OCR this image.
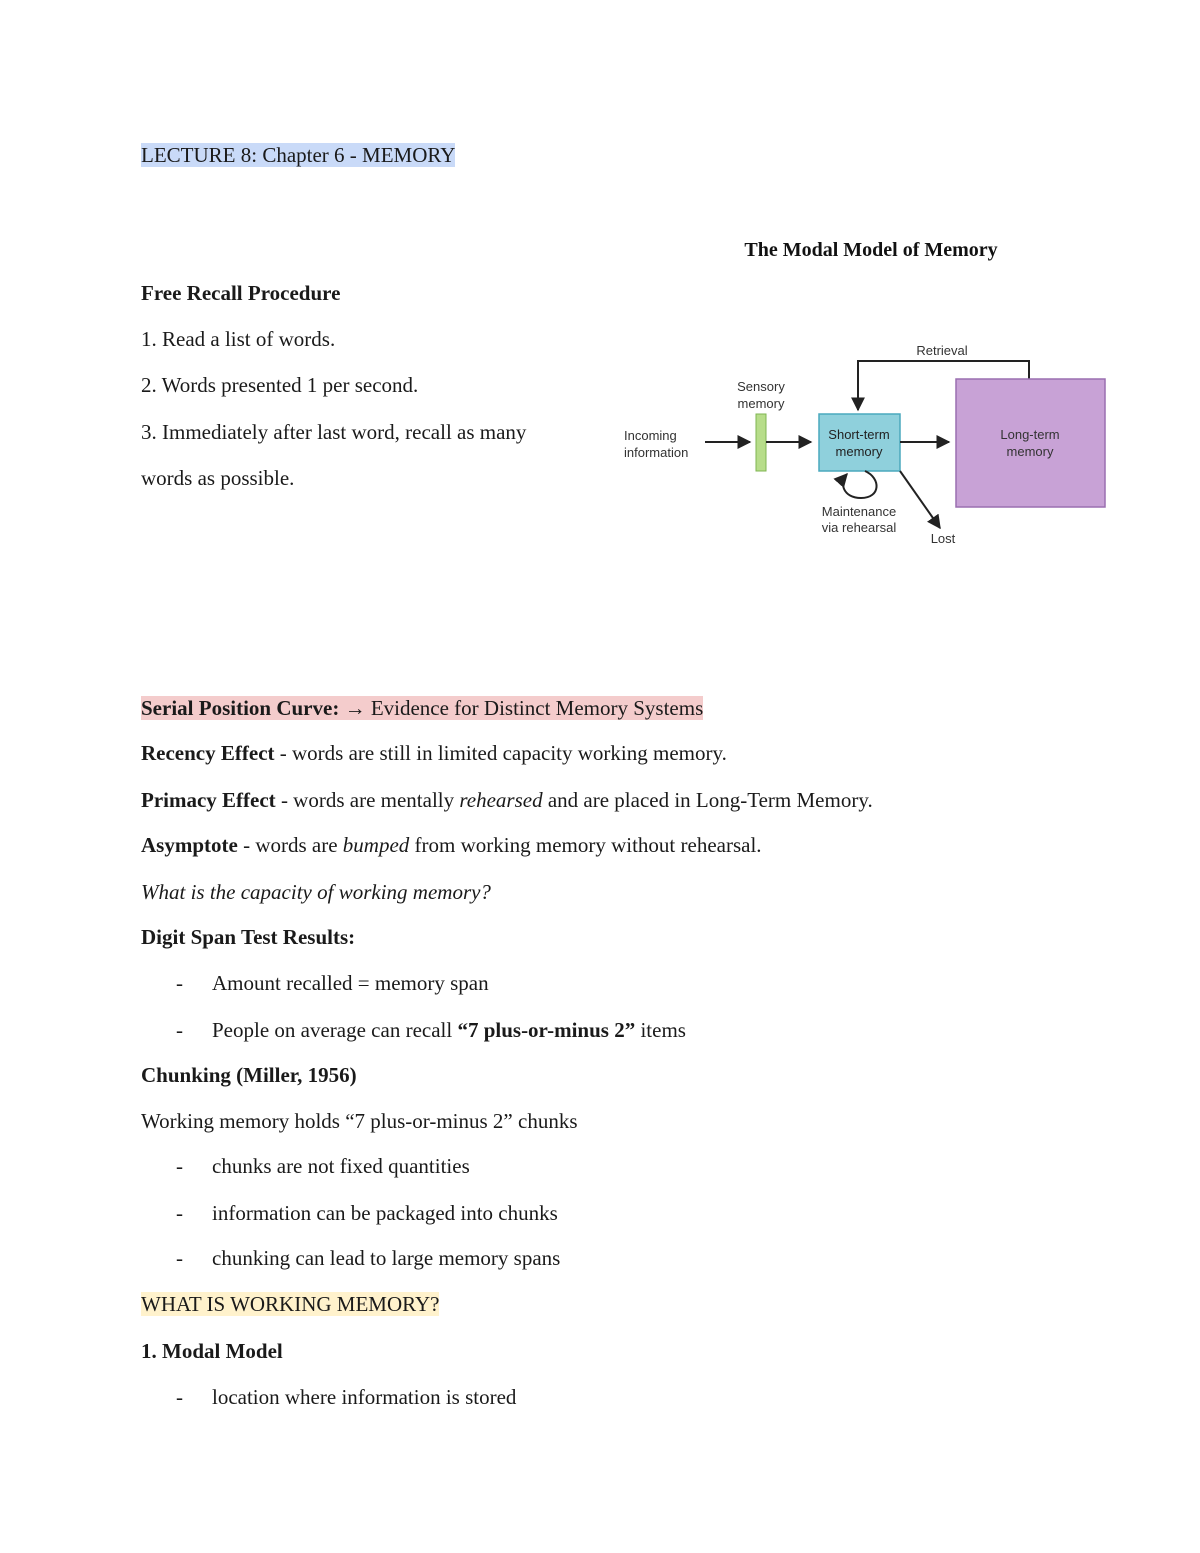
LECTURE 8: Chapter 6 - MEMORY
Free Recall Procedure
1. Read a list of words.
2. Words presented 1 per second.
3. Immediately after last word, recall as many
words as possible.
The Modal Model of Memory
Retrieval
Sensory
memory
Incoming
information
Short-term
memory
Long-term
memory
Maintenance
via rehearsal
Lost
Serial Position Curve: → Evidence for Distinct Memory Systems
Recency Effect - words are still in limited capacity working memory.
Primacy Effect - words are mentally rehearsed and are placed in Long-Term Memory.
Asymptote - words are bumped from working memory without rehearsal.
What is the capacity of working memory?
Digit Span Test Results:
- Amount recalled = memory span
- People on average can recall “7 plus-or-minus 2” items
Chunking (Miller, 1956)
Working memory holds “7 plus-or-minus 2” chunks
- chunks are not fixed quantities
- information can be packaged into chunks
- chunking can lead to large memory spans
WHAT IS WORKING MEMORY?
1. Modal Model
- location where information is stored
